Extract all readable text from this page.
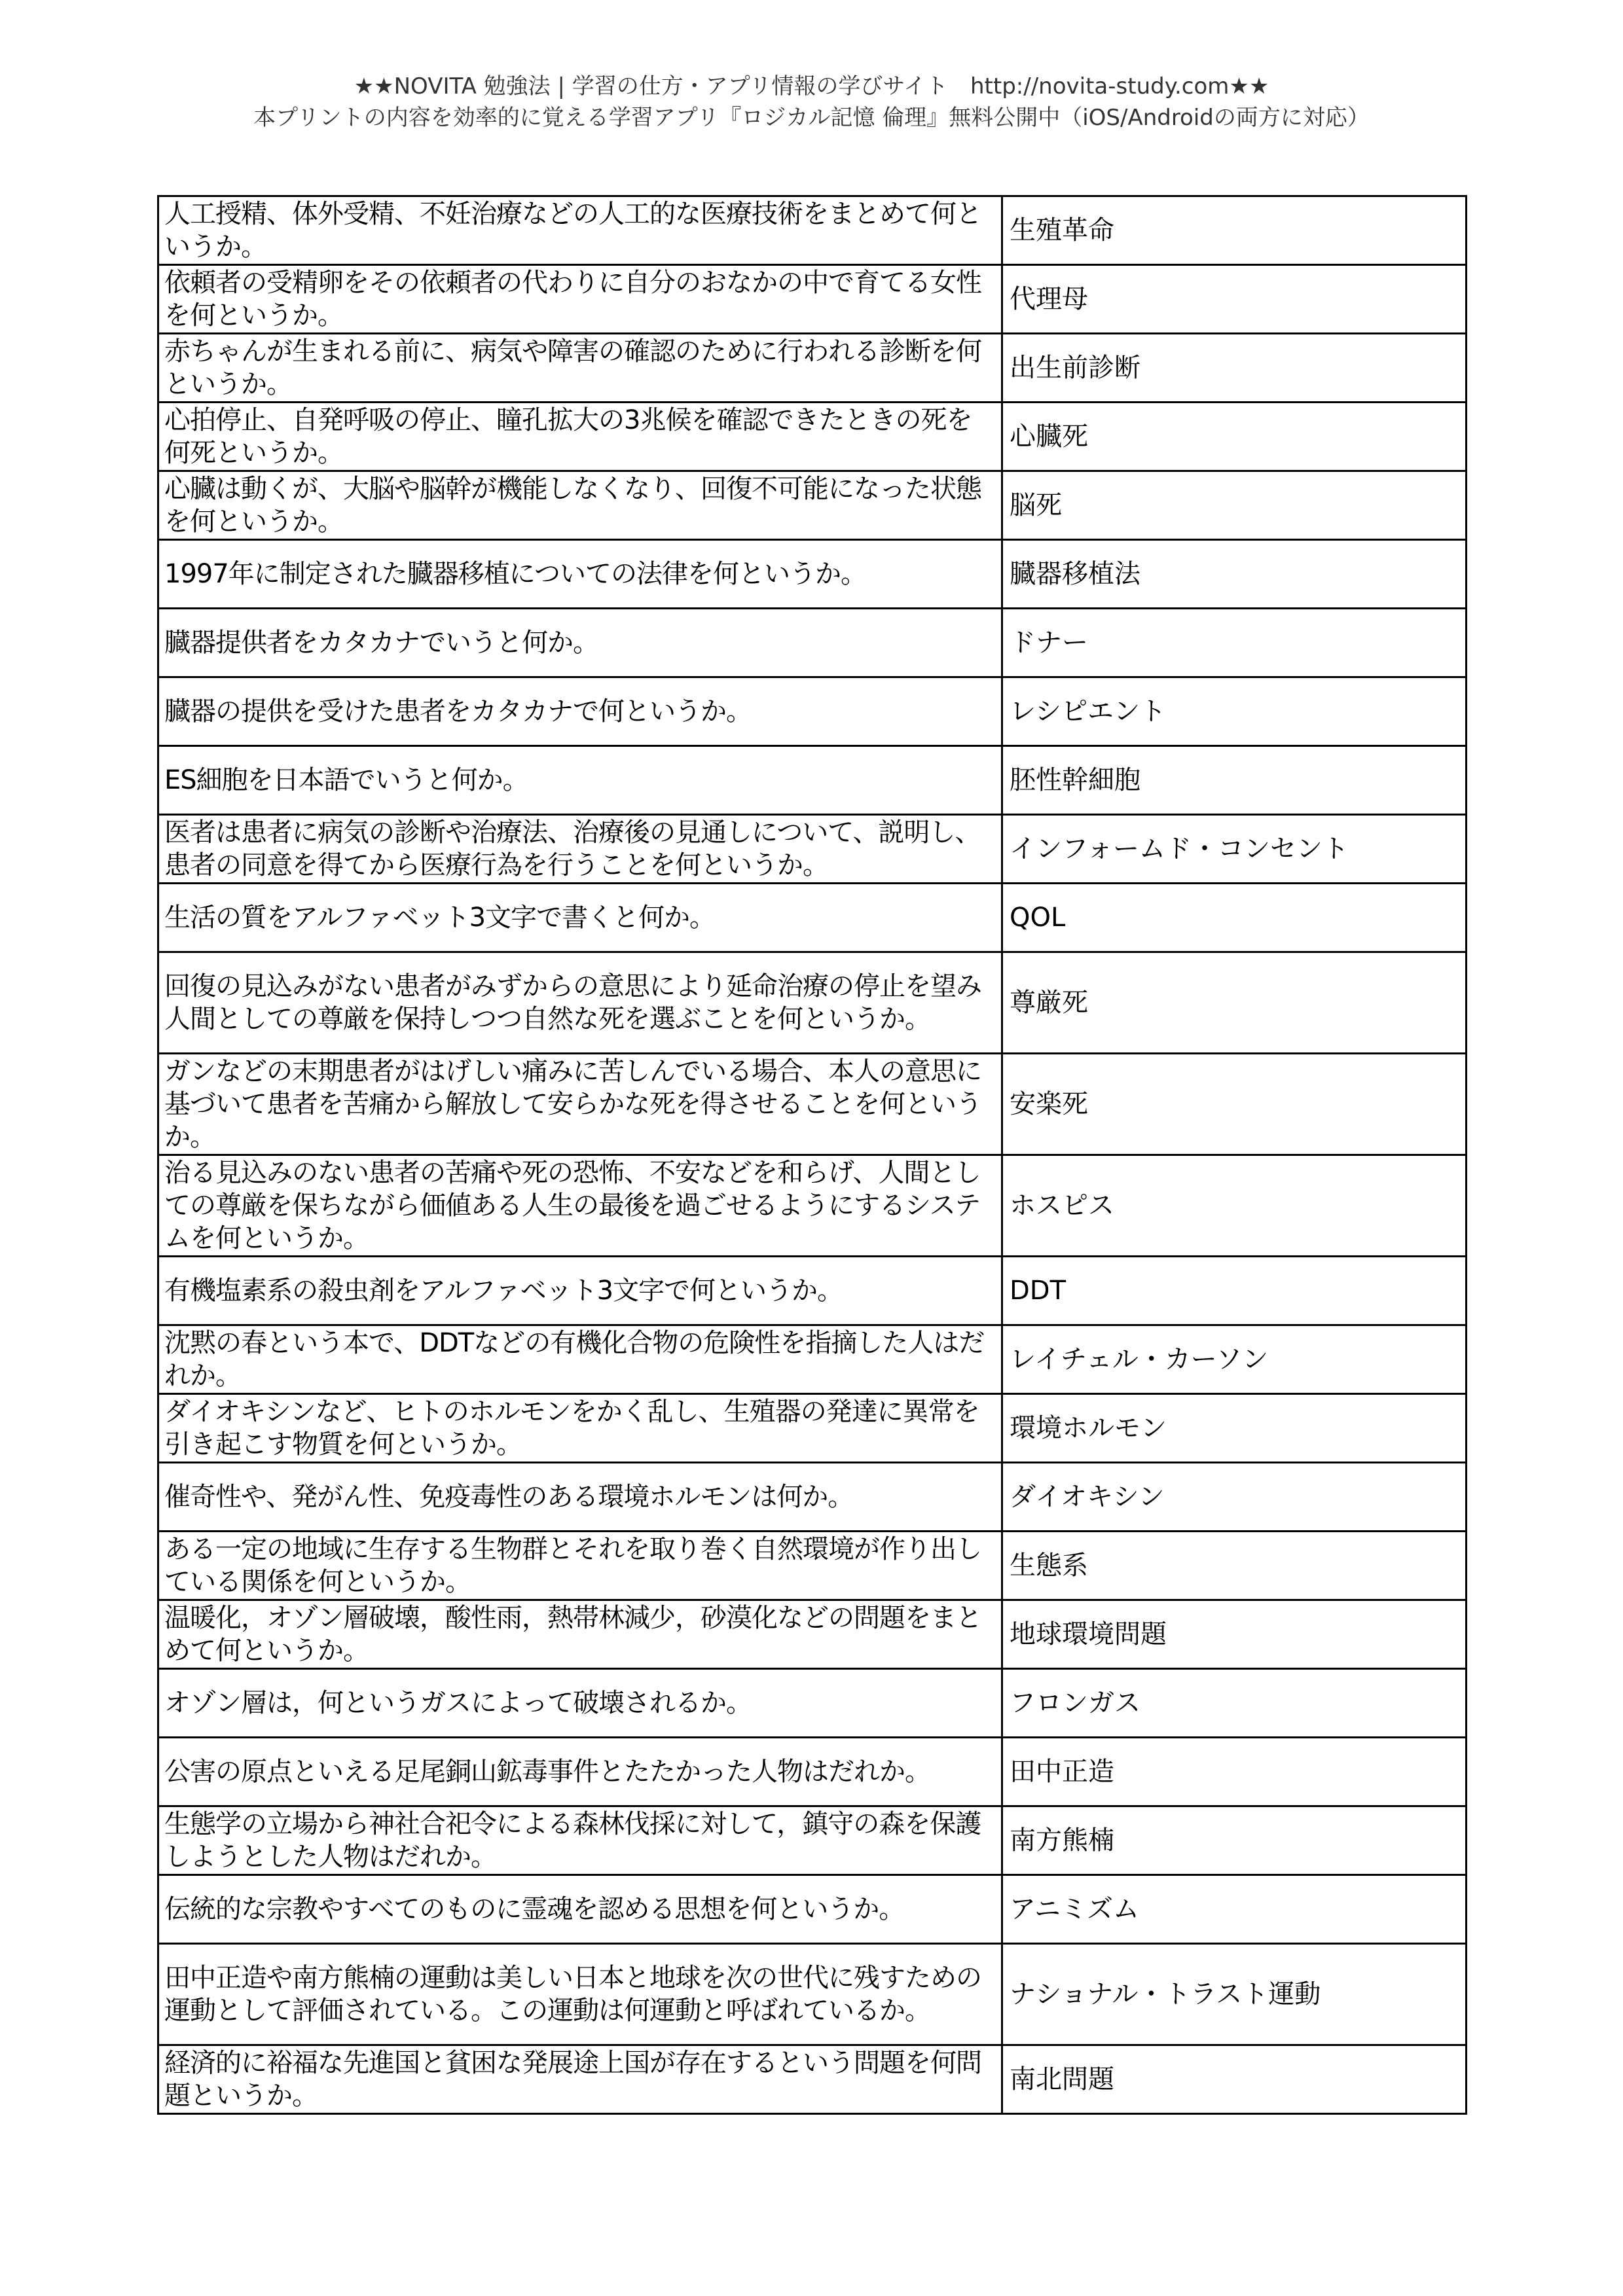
★★NOVITA 勉強法 | 学習の仕方・アプリ情報の学びサイト　http://novita-study.com★★
本プリントの内容を効率的に覚える学習アプリ『ロジカル記憶 倫理』無料公開中（iOS/Androidの両方に対応）
人工授精、体外受精、不妊治療などの人工的な医療技術をまとめて何というか。	生殖革命
依頼者の受精卵をその依頼者の代わりに自分のおなかの中で育てる女性を何というか。	代理母
赤ちゃんが生まれる前に、病気や障害の確認のために行われる診断を何というか。	出生前診断
心拍停止、自発呼吸の停止、瞳孔拡大の3兆候を確認できたときの死を何死というか。	心臓死
心臓は動くが、大脳や脳幹が機能しなくなり、回復不可能になった状態を何というか。	脳死
1997年に制定された臓器移植についての法律を何というか。	臓器移植法
臓器提供者をカタカナでいうと何か。	ドナー
臓器の提供を受けた患者をカタカナで何というか。	レシピエント
ES細胞を日本語でいうと何か。	胚性幹細胞
医者は患者に病気の診断や治療法、治療後の見通しについて、説明し、患者の同意を得てから医療行為を行うことを何というか。	インフォームド・コンセント
生活の質をアルファベット3文字で書くと何か。	QOL
回復の見込みがない患者がみずからの意思により延命治療の停止を望み人間としての尊厳を保持しつつ自然な死を選ぶことを何というか。	尊厳死
ガンなどの末期患者がはげしい痛みに苦しんでいる場合、本人の意思に基づいて患者を苦痛から解放して安らかな死を得させることを何というか。	安楽死
治る見込みのない患者の苦痛や死の恐怖、不安などを和らげ、人間としての尊厳を保ちながら価値ある人生の最後を過ごせるようにするシステムを何というか。	ホスピス
有機塩素系の殺虫剤をアルファベット3文字で何というか。	DDT
沈黙の春という本で、DDTなどの有機化合物の危険性を指摘した人はだれか。	レイチェル・カーソン
ダイオキシンなど、ヒトのホルモンをかく乱し、生殖器の発達に異常を引き起こす物質を何というか。	環境ホルモン
催奇性や、発がん性、免疫毒性のある環境ホルモンは何か。	ダイオキシン
ある一定の地域に生存する生物群とそれを取り巻く自然環境が作り出している関係を何というか。	生態系
温暖化，オゾン層破壊，酸性雨，熱帯林減少，砂漠化などの問題をまとめて何というか。	地球環境問題
オゾン層は，何というガスによって破壊されるか。	フロンガス
公害の原点といえる足尾銅山鉱毒事件とたたかった人物はだれか。	田中正造
生態学の立場から神社合祀令による森林伐採に対して，鎮守の森を保護しようとした人物はだれか。	南方熊楠
伝統的な宗教やすべてのものに霊魂を認める思想を何というか。	アニミズム
田中正造や南方熊楠の運動は美しい日本と地球を次の世代に残すための運動として評価されている。この運動は何運動と呼ばれているか。	ナショナル・トラスト運動
経済的に裕福な先進国と貧困な発展途上国が存在するという問題を何問題というか。	南北問題
